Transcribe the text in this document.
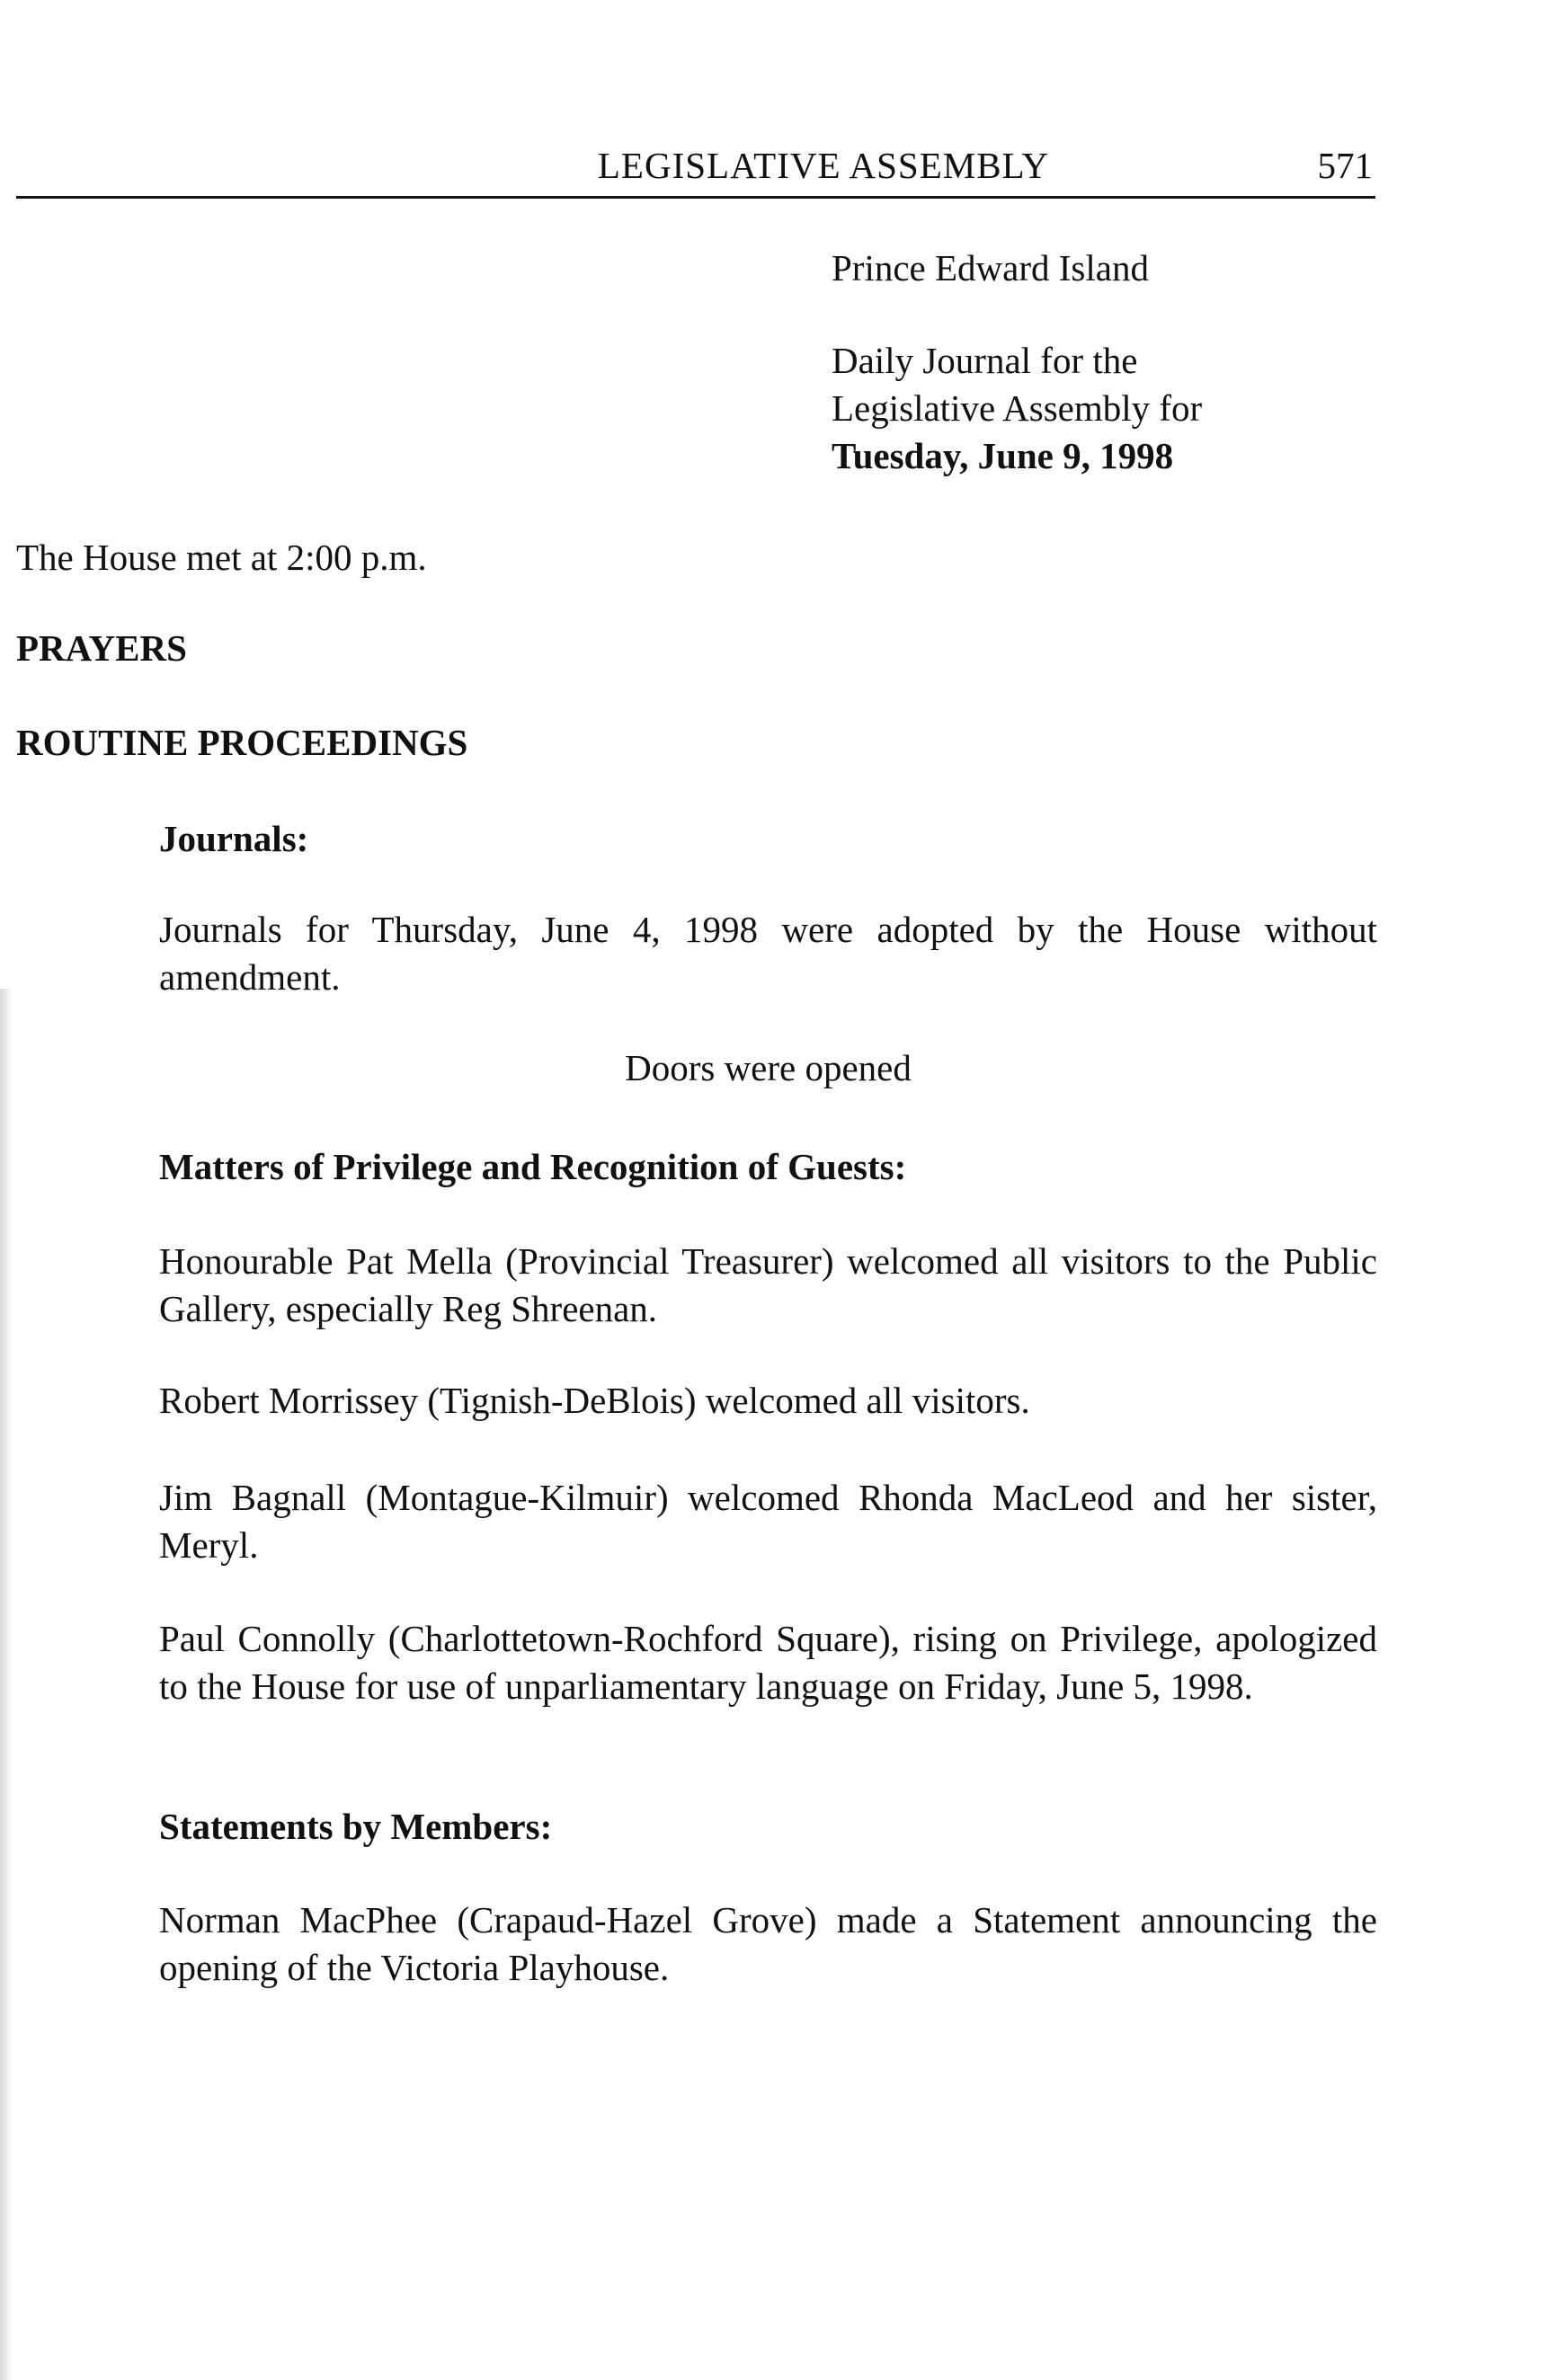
LEGISLATIVE ASSEMBLY	571
Prince Edward Island

Daily Journal for the

Legislative Assembly for

Tuesday, June 9, 1998

The House met at 2:00 p.m.
PRAYERS
ROUTINE PROCEEDINGS
Journals:
Journals for Thursday, June 4, 1998 were adopted by the House without amendment.
Doors were opened
Matters of Privilege and Recognition of Guests:
Honourable Pat Mella (Provincial Treasurer) welcomed all visitors to the Public Gallery, especially Reg Shreenan.
Robert Morrissey (Tignish-DeBlois) welcomed all visitors.
Jim Bagnall (Montague-Kilmuir) welcomed Rhonda MacLeod and her sister, Meryl.
Paul Connolly (Charlottetown-Rochford Square), rising on Privilege, apologized to the House for use of unparliamentary language on Friday, June 5, 1998.
Statements by Members:
Norman MacPhee (Crapaud-Hazel Grove) made a Statement announcing the opening of the Victoria Playhouse.
